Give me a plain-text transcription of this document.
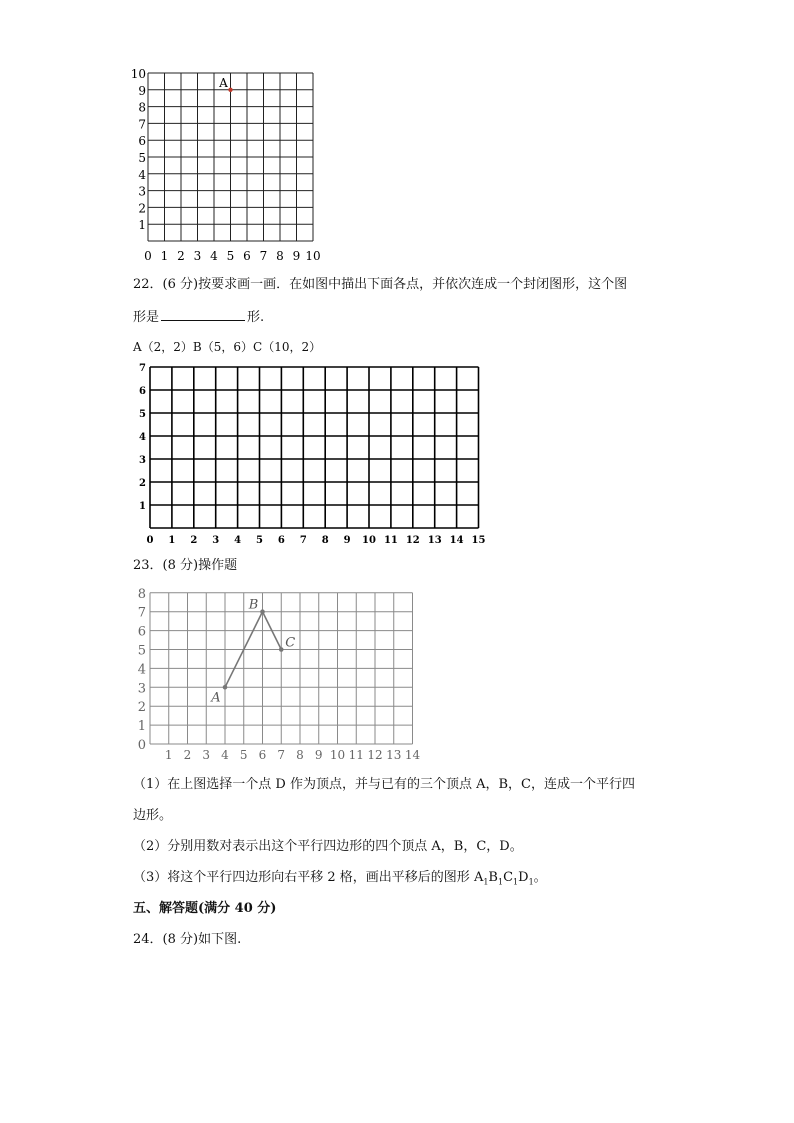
1
2
3
4
5
6
7
8
9
10
0 1 2 3 4 5 6 7 8 9 10
A
22．(6 分)按要求画一画．在如图中描出下面各点，并依次连成一个封闭图形，这个图
形是	形.
A（2，2）B（5，6）C（10，2）
1
2
3
4
5
6
7
0 1 2 3 4 5 6 7 8 9 10 11 12 13 14 15
23．(8 分)操作题
0
1
2
3
4
5
6
7
8
1 2 3 4 5 6 7 8 9 10 11 12 13 14
A
B
C
（1）在上图选择一个点 D 作为顶点，并与已有的三个顶点 A，B，C，连成一个平行四
边形。
（2）分别用数对表示出这个平行四边形的四个顶点 A，B，C，D。
（3）将这个平行四边形向右平移 2 格，画出平移后的图形 $A_1B_1C_1D_1$。
五、解答题(满分 40 分)
24．(8 分)如下图.
